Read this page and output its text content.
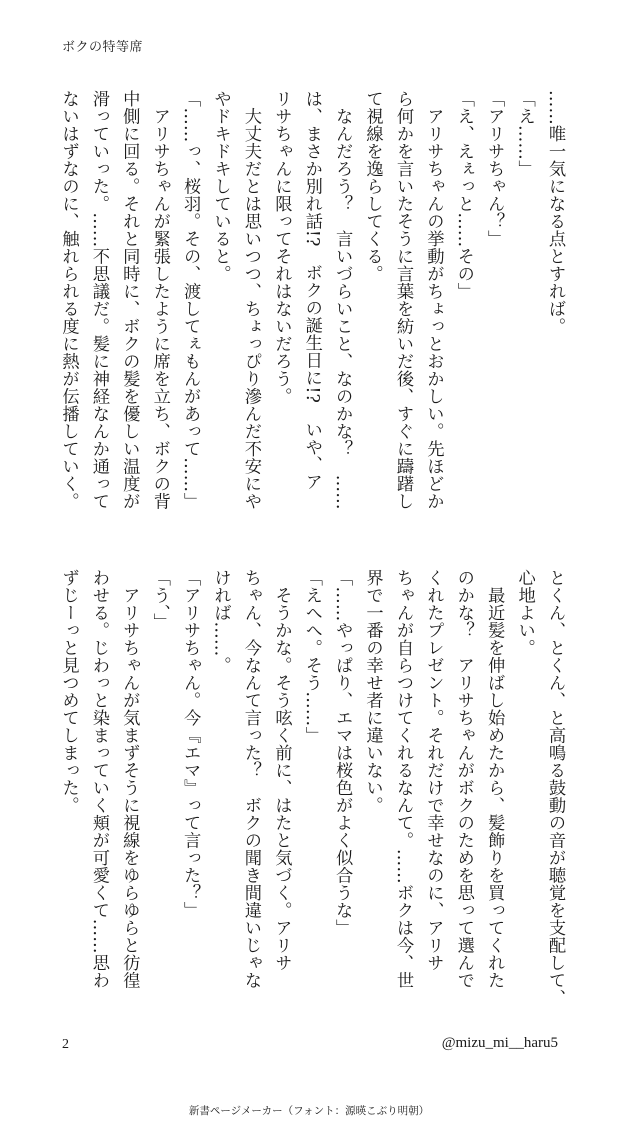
ボクの特等席
……唯一気になる点とすれば。
「え……」
「アリサちゃん？」
「え、えぇっと……その」
　アリサちゃんの挙動がちょっとおかしい。先ほどか
ら何かを言いたそうに言葉を紡いだ後、すぐに躊躇し
て視線を逸らしてくる。
　なんだろう？　言いづらいこと、なのかな？　……
は、まさか別れ話!?　ボクの誕生日に!?　いや、ア
リサちゃんに限ってそれはないだろう。
　大丈夫だとは思いつつ、ちょっぴり滲んだ不安にや
やドキドキしていると。
「……っ、桜羽。その、渡してぇもんがあって……」
　アリサちゃんが緊張したように席を立ち、ボクの背
中側に回る。それと同時に、ボクの髪を優しい温度が
滑っていった。……不思議だ。髪に神経なんか通って
ないはずなのに、触れられる度に熱が伝播していく。
とくん、とくん、と高鳴る鼓動の音が聴覚を支配して、
心地よい。
　最近髪を伸ばし始めたから、髪飾りを買ってくれた
のかな？　アリサちゃんがボクのためを思って選んで
くれたプレゼント。それだけで幸せなのに、アリサ
ちゃんが自らつけてくれるなんて。……ボクは今、世
界で一番の幸せ者に違いない。
「……やっぱり、エマは桜色がよく似合うな」
「えへへ。そう……」
　そうかな。そう呟く前に、はたと気づく。アリサ
ちゃん、今なんて言った？　ボクの聞き間違いじゃな
ければ……。
「アリサちゃん。今『エマ』って言った？」
「う、」
　アリサちゃんが気まずそうに視線をゆらゆらと彷徨
わせる。じわっと染まっていく頬が可愛くて……思わ
ずじーっと見つめてしまった。
2	@mizu_mi__haru5
新書ページメーカー（フォント：源暎こぶり明朝）
